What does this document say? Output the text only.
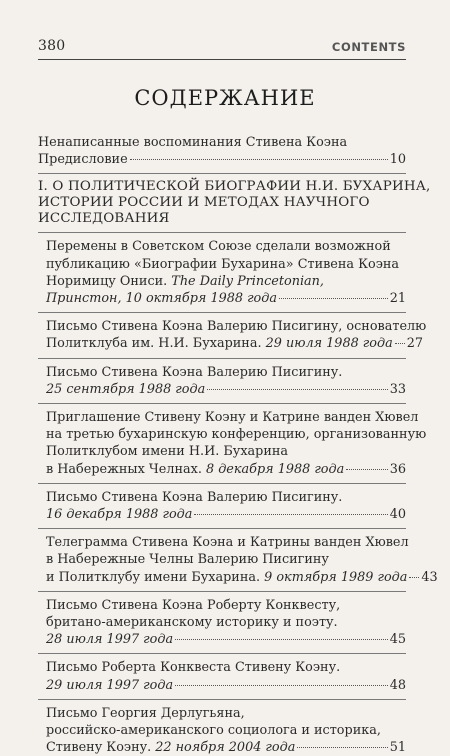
380	CONTENTS
СОДЕРЖАНИЕ
Ненаписанные воспоминания Стивена Коэна
Предисловие	10
I. О ПОЛИТИЧЕСКОЙ БИОГРАФИИ Н.И. БУХАРИНА,
ИСТОРИИ РОССИИ И МЕТОДАХ НАУЧНОГО
ИССЛЕДОВАНИЯ
Перемены в Советском Союзе сделали возможной
публикацию «Биографии Бухарина» Стивена Коэна
Норимицу Ониси. The Daily Princetonian,
Принстон, 10 октября 1988 года	21
Письмо Стивена Коэна Валерию Писигину, основателю
Политклуба им. Н.И. Бухарина. 29 июля 1988 года 27
Письмо Стивена Коэна Валерию Писигину.
25 сентября 1988 года	33
Приглашение Стивену Коэну и Катрине ванден Хювел
на третью бухаринскую конференцию, организованную
Политклубом имени Н.И. Бухарина
в Набережных Челнах. 8 декабря 1988 года	36
Письмо Стивена Коэна Валерию Писигину.
16 декабря 1988 года	40
Телеграмма Стивена Коэна и Катрины ванден Хювел
в Набережные Челны Валерию Писигину
и Политклубу имени Бухарина. 9 октября 1989 года 43
Письмо Стивена Коэна Роберту Конквесту,
британо-американскому историку и поэту.
28 июля 1997 года	45
Письмо Роберта Конквеста Стивену Коэну.
29 июля 1997 года	48
Письмо Георгия Дерлугьяна,
российско-американского социолога и историка,
Стивену Коэну. 22 ноября 2004 года	51
